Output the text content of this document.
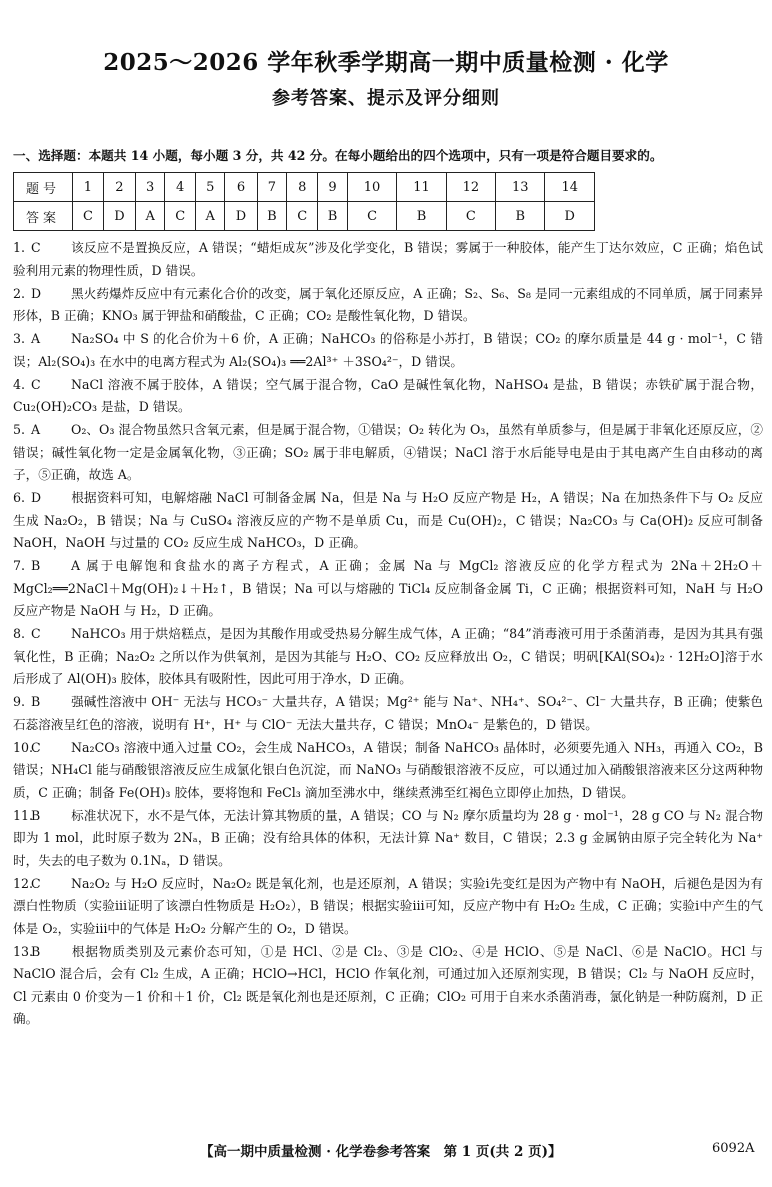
2025～2026 学年秋季学期高一期中质量检测 · 化学
参考答案、提示及评分细则
一、选择题：本题共 14 小题，每小题 3 分，共 42 分。在每小题给出的四个选项中，只有一项是符合题目要求的。
题号	1	2	3	4	5	6	7	8	9	10	11	12	13	14
答案	C	D	A	C	A	D	B	C	B	C	B	C	B	D

1. C 该反应不是置换反应，A 错误；“蜡炬成灰”涉及化学变化，B 错误；雾属于一种胶体，能产生丁达尔效应，C 正确；焰色试验利用元素的物理性质，D 错误。

2. D 黑火药爆炸反应中有元素化合价的改变，属于氧化还原反应，A 正确；S₂、S₆、S₈ 是同一元素组成的不同单质，属于同素异形体，B 正确；KNO₃ 属于钾盐和硝酸盐，C 正确；CO₂ 是酸性氧化物，D 错误。

3. A Na₂SO₄ 中 S 的化合价为＋6 价，A 正确；NaHCO₃ 的俗称是小苏打，B 错误；CO₂ 的摩尔质量是 44 g · mol⁻¹，C 错误；Al₂(SO₄)₃ 在水中的电离方程式为 Al₂(SO₄)₃ ══2Al³⁺ ＋3SO₄²⁻，D 错误。

4. C NaCl 溶液不属于胶体，A 错误；空气属于混合物，CaO 是碱性氧化物，NaHSO₄ 是盐，B 错误；赤铁矿属于混合物，Cu₂(OH)₂CO₃ 是盐，D 错误。

5. A O₂、O₃ 混合物虽然只含氧元素，但是属于混合物，①错误；O₂ 转化为 O₃，虽然有单质参与，但是属于非氧化还原反应，②错误；碱性氧化物一定是金属氧化物，③正确；SO₂ 属于非电解质，④错误；NaCl 溶于水后能导电是由于其电离产生自由移动的离子，⑤正确，故选 A。

6. D 根据资料可知，电解熔融 NaCl 可制备金属 Na，但是 Na 与 H₂O 反应产物是 H₂，A 错误；Na 在加热条件下与 O₂ 反应生成 Na₂O₂，B 错误；Na 与 CuSO₄ 溶液反应的产物不是单质 Cu，而是 Cu(OH)₂，C 错误；Na₂CO₃ 与 Ca(OH)₂ 反应可制备 NaOH，NaOH 与过量的 CO₂ 反应生成 NaHCO₃，D 正确。

7. B A 属于电解饱和食盐水的离子方程式，A 正确；金属 Na 与 MgCl₂ 溶液反应的化学方程式为 2Na＋2H₂O＋MgCl₂══2NaCl＋Mg(OH)₂↓＋H₂↑，B 错误；Na 可以与熔融的 TiCl₄ 反应制备金属 Ti，C 正确；根据资料可知，NaH 与 H₂O 反应产物是 NaOH 与 H₂，D 正确。

8. C NaHCO₃ 用于烘焙糕点，是因为其酸作用或受热易分解生成气体，A 正确；“84”消毒液可用于杀菌消毒，是因为其具有强氧化性，B 正确；Na₂O₂ 之所以作为供氧剂，是因为其能与 H₂O、CO₂ 反应释放出 O₂，C 错误；明矾[KAl(SO₄)₂ · 12H₂O]溶于水后形成了 Al(OH)₃ 胶体，胶体具有吸附性，因此可用于净水，D 正确。

9. B 强碱性溶液中 OH⁻ 无法与 HCO₃⁻ 大量共存，A 错误；Mg²⁺ 能与 Na⁺、NH₄⁺、SO₄²⁻、Cl⁻ 大量共存，B 正确；使紫色石蕊溶液呈红色的溶液，说明有 H⁺，H⁺ 与 ClO⁻ 无法大量共存，C 错误；MnO₄⁻ 是紫色的，D 错误。

10.C Na₂CO₃ 溶液中通入过量 CO₂，会生成 NaHCO₃，A 错误；制备 NaHCO₃ 晶体时，必须要先通入 NH₃，再通入 CO₂，B 错误；NH₄Cl 能与硝酸银溶液反应生成氯化银白色沉淀，而 NaNO₃ 与硝酸银溶液不反应，可以通过加入硝酸银溶液来区分这两种物质，C 正确；制备 Fe(OH)₃ 胶体，要将饱和 FeCl₃ 滴加至沸水中，继续煮沸至红褐色立即停止加热，D 错误。

11.B 标准状况下，水不是气体，无法计算其物质的量，A 错误；CO 与 N₂ 摩尔质量均为 28 g · mol⁻¹，28 g CO 与 N₂ 混合物即为 1 mol，此时原子数为 2Nₐ，B 正确；没有给具体的体积，无法计算 Na⁺ 数目，C 错误；2.3 g 金属钠由原子完全转化为 Na⁺ 时，失去的电子数为 0.1Nₐ，D 错误。

12.C Na₂O₂ 与 H₂O 反应时，Na₂O₂ 既是氧化剂，也是还原剂，A 错误；实验ⅰ先变红是因为产物中有 NaOH，后褪色是因为有漂白性物质（实验ⅲ证明了该漂白性物质是 H₂O₂），B 错误；根据实验ⅲ可知，反应产物中有 H₂O₂ 生成，C 正确；实验ⅰ中产生的气体是 O₂，实验ⅲ中的气体是 H₂O₂ 分解产生的 O₂，D 错误。

13.B 根据物质类别及元素价态可知，①是 HCl、②是 Cl₂、③是 ClO₂、④是 HClO、⑤是 NaCl、⑥是 NaClO。HCl 与 NaClO 混合后，会有 Cl₂ 生成，A 正确；HClO→HCl，HClO 作氧化剂，可通过加入还原剂实现，B 错误；Cl₂ 与 NaOH 反应时，Cl 元素由 0 价变为－1 价和＋1 价，Cl₂ 既是氧化剂也是还原剂，C 正确；ClO₂ 可用于自来水杀菌消毒，氯化钠是一种防腐剂，D 正确。

【高一期中质量检测 · 化学卷参考答案　第 1 页(共 2 页)】	6092A
